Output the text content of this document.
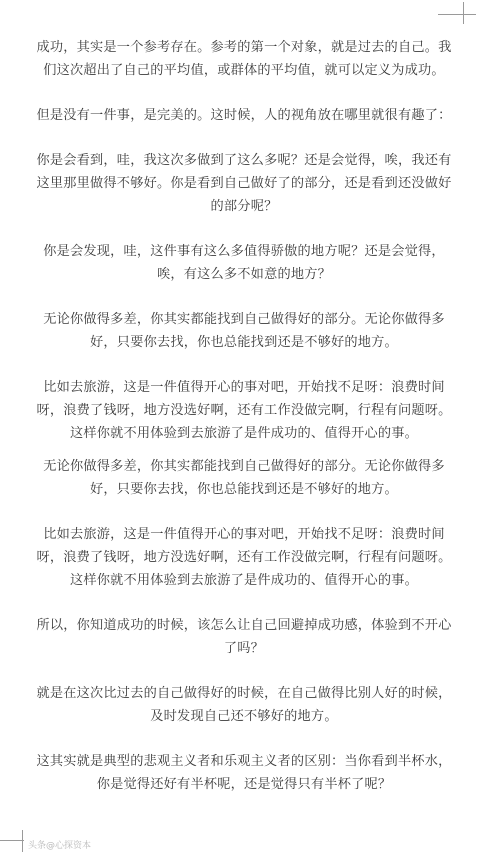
成功，其实是一个参考存在。参考的第一个对象，就是过去的自己。我们这次超出了自己的平均值，或群体的平均值，就可以定义为成功。

但是没有一件事，是完美的。这时候，人的视角放在哪里就很有趣了：

你是会看到，哇，我这次多做到了这么多呢？还是会觉得，唉，我还有这里那里做得不够好。你是看到自己做好了的部分，还是看到还没做好的部分呢？

你是会发现，哇，这件事有这么多值得骄傲的地方呢？还是会觉得，唉，有这么多不如意的地方？

无论你做得多差，你其实都能找到自己做得好的部分。无论你做得多好，只要你去找，你也总能找到还是不够好的地方。

比如去旅游，这是一件值得开心的事对吧，开始找不足呀：浪费时间呀，浪费了钱呀，地方没选好啊，还有工作没做完啊，行程有问题呀。这样你就不用体验到去旅游了是件成功的、值得开心的事。

无论你做得多差，你其实都能找到自己做得好的部分。无论你做得多好，只要你去找，你也总能找到还是不够好的地方。

比如去旅游，这是一件值得开心的事对吧，开始找不足呀：浪费时间呀，浪费了钱呀，地方没选好啊，还有工作没做完啊，行程有问题呀。这样你就不用体验到去旅游了是件成功的、值得开心的事。

所以，你知道成功的时候，该怎么让自己回避掉成功感，体验到不开心了吗？

就是在这次比过去的自己做得好的时候，在自己做得比别人好的时候，及时发现自己还不够好的地方。

这其实就是典型的悲观主义者和乐观主义者的区别：当你看到半杯水，你是觉得还好有半杯呢，还是觉得只有半杯了呢？

头条@心探资本
